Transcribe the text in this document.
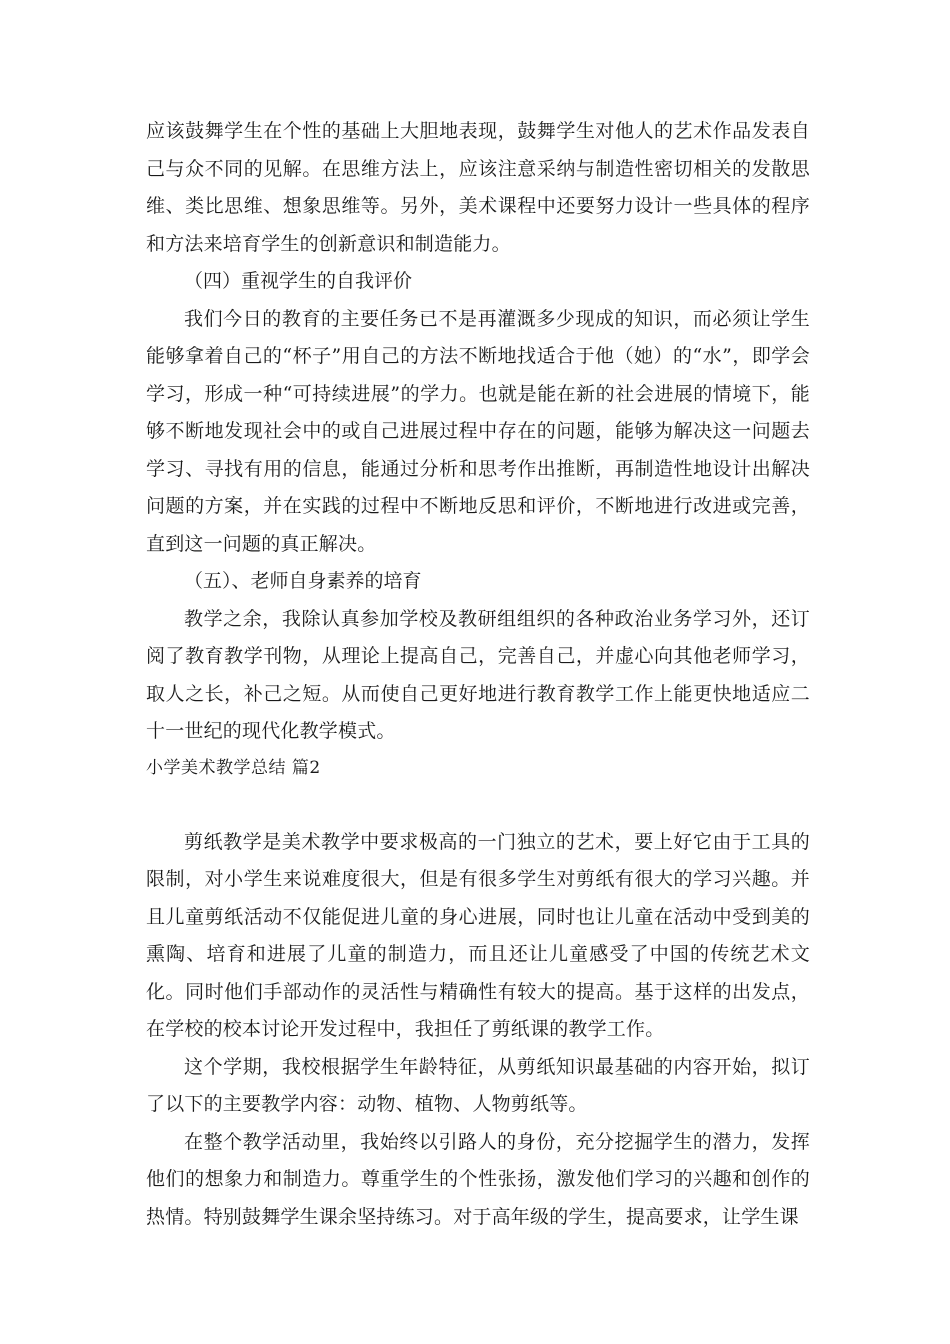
应该鼓舞学生在个性的基础上大胆地表现，鼓舞学生对他人的艺术作品发表自己与众不同的见解。在思维方法上，应该注意采纳与制造性密切相关的发散思维、类比思维、想象思维等。另外，美术课程中还要努力设计一些具体的程序和方法来培育学生的创新意识和制造能力。

（四）重视学生的自我评价

我们今日的教育的主要任务已不是再灌溉多少现成的知识，而必须让学生能够拿着自己的“杯子”用自己的方法不断地找适合于他（她）的“水”，即学会学习，形成一种“可持续进展”的学力。也就是能在新的社会进展的情境下，能够不断地发现社会中的或自己进展过程中存在的问题，能够为解决这一问题去学习、寻找有用的信息，能通过分析和思考作出推断，再制造性地设计出解决问题的方案，并在实践的过程中不断地反思和评价，不断地进行改进或完善，直到这一问题的真正解决。

（五）、老师自身素养的培育

教学之余，我除认真参加学校及教研组组织的各种政治业务学习外，还订阅了教育教学刊物，从理论上提高自己，完善自己，并虚心向其他老师学习，取人之长，补己之短。从而使自己更好地进行教育教学工作上能更快地适应二十一世纪的现代化教学模式。

小学美术教学总结 篇2

剪纸教学是美术教学中要求极高的一门独立的艺术，要上好它由于工具的限制，对小学生来说难度很大，但是有很多学生对剪纸有很大的学习兴趣。并且儿童剪纸活动不仅能促进儿童的身心进展，同时也让儿童在活动中受到美的熏陶、培育和进展了儿童的制造力，而且还让儿童感受了中国的传统艺术文化。同时他们手部动作的灵活性与精确性有较大的提高。基于这样的出发点，在学校的校本讨论开发过程中，我担任了剪纸课的教学工作。

这个学期，我校根据学生年龄特征，从剪纸知识最基础的内容开始，拟订了以下的主要教学内容：动物、植物、人物剪纸等。

在整个教学活动里，我始终以引路人的身份，充分挖掘学生的潜力，发挥他们的想象力和制造力。尊重学生的个性张扬，激发他们学习的兴趣和创作的热情。特别鼓舞学生课余坚持练习。对于高年级的学生，提高要求，让学生课
